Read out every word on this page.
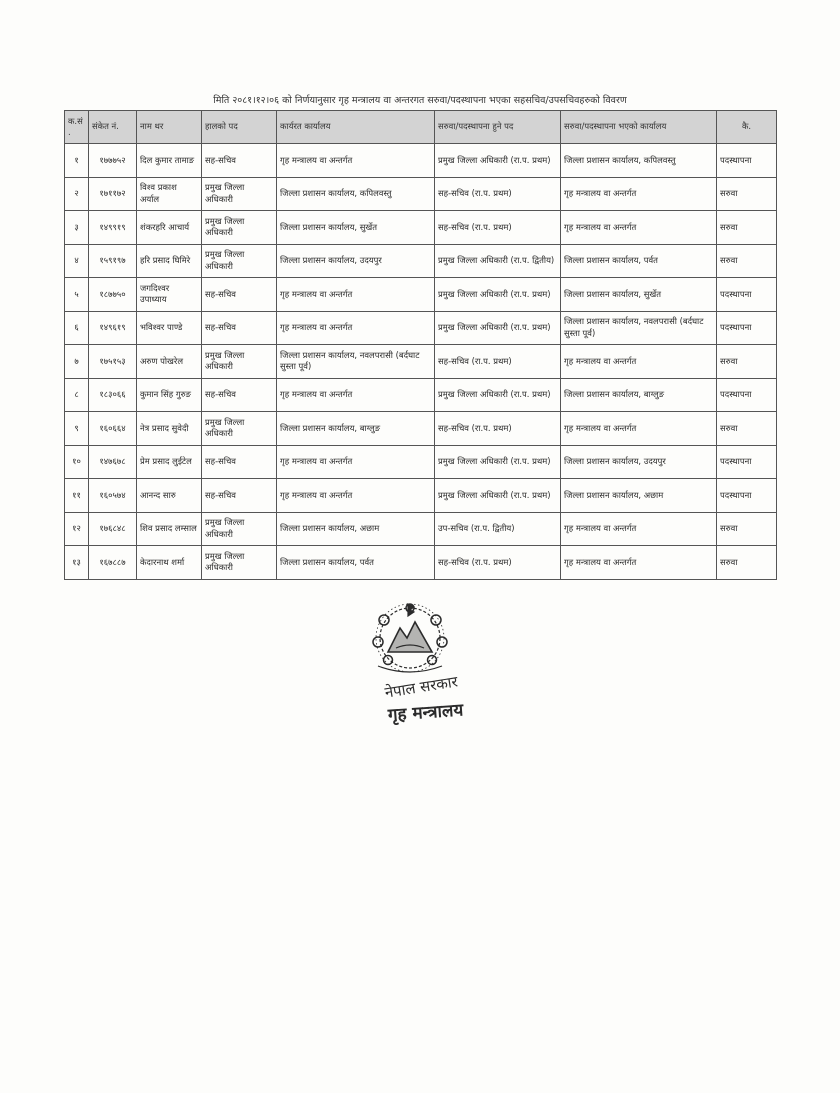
मिति २०८१।१२।०६ को निर्णयानुसार गृह मन्त्रालय वा अन्तरगत सरुवा/पदस्थापना भएका सहसचिव/उपसचिवहरुको विवरण
क.सं.	संकेत नं.	नाम थर	हालको पद	कार्यरत कार्यालय	सरुवा/पदस्थापना हुने पद	सरुवा/पदस्थापना भएको कार्यालय	कै.
१	१७७७५२	दिल कुमार तामाङ	सह-सचिव	गृह मन्त्रालय वा अन्तर्गत	प्रमुख जिल्ला अधिकारी (रा.प. प्रथम)	जिल्ला प्रशासन कार्यालय, कपिलवस्तु	पदस्थापना
२	१७११७२	विश्व प्रकाश अर्याल	प्रमुख जिल्ला अधिकारी	जिल्ला प्रशासन कार्यालय, कपिलवस्तु	सह-सचिव (रा.प. प्रथम)	गृह मन्त्रालय वा अन्तर्गत	सरुवा
३	१४९९१९	शंकरहरि आचार्य	प्रमुख जिल्ला अधिकारी	जिल्ला प्रशासन कार्यालय, सुर्खेत	सह-सचिव (रा.प. प्रथम)	गृह मन्त्रालय वा अन्तर्गत	सरुवा
४	१५९१९७	हरि प्रसाद घिमिरे	प्रमुख जिल्ला अधिकारी	जिल्ला प्रशासन कार्यालय, उदयपुर	प्रमुख जिल्ला अधिकारी (रा.प. द्वितीय)	जिल्ला प्रशासन कार्यालय, पर्वत	सरुवा
५	१८७७५०	जगदिश्वर उपाध्याय	सह-सचिव	गृह मन्त्रालय वा अन्तर्गत	प्रमुख जिल्ला अधिकारी (रा.प. प्रथम)	जिल्ला प्रशासन कार्यालय, सुर्खेत	पदस्थापना
६	१४९६१९	भविश्वर पाण्डे	सह-सचिव	गृह मन्त्रालय वा अन्तर्गत	प्रमुख जिल्ला अधिकारी (रा.प. प्रथम)	जिल्ला प्रशासन कार्यालय, नवलपरासी (बर्दघाट सुस्ता पूर्व)	पदस्थापना
७	१७५१५३	अरुण पोखरेल	प्रमुख जिल्ला अधिकारी	जिल्ला प्रशासन कार्यालय, नवलपरासी (बर्दघाट सुस्ता पूर्व)	सह-सचिव (रा.प. प्रथम)	गृह मन्त्रालय वा अन्तर्गत	सरुवा
८	१८३०६६	कुमान सिंह गुरुङ	सह-सचिव	गृह मन्त्रालय वा अन्तर्गत	प्रमुख जिल्ला अधिकारी (रा.प. प्रथम)	जिल्ला प्रशासन कार्यालय, बाग्लुङ	पदस्थापना
९	१६०६६४	नेत्र प्रसाद सुवेदी	प्रमुख जिल्ला अधिकारी	जिल्ला प्रशासन कार्यालय, बाग्लुङ	सह-सचिव (रा.प. प्रथम)	गृह मन्त्रालय वा अन्तर्गत	सरुवा
१०	१४७६७८	प्रेम प्रसाद लुईटेल	सह-सचिव	गृह मन्त्रालय वा अन्तर्गत	प्रमुख जिल्ला अधिकारी (रा.प. प्रथम)	जिल्ला प्रशासन कार्यालय, उदयपुर	पदस्थापना
११	१६०५७४	आनन्द सारु	सह-सचिव	गृह मन्त्रालय वा अन्तर्गत	प्रमुख जिल्ला अधिकारी (रा.प. प्रथम)	जिल्ला प्रशासन कार्यालय, अछाम	पदस्थापना
१२	१७६८४८	शिव प्रसाद लम्साल	प्रमुख जिल्ला अधिकारी	जिल्ला प्रशासन कार्यालय, अछाम	उप-सचिव (रा.प. द्वितीय)	गृह मन्त्रालय वा अन्तर्गत	सरुवा
१३	१६७८८७	केदारनाथ शर्मा	प्रमुख जिल्ला अधिकारी	जिल्ला प्रशासन कार्यालय, पर्वत	सह-सचिव (रा.प. प्रथम)	गृह मन्त्रालय वा अन्तर्गत	सरुवा
नेपाल सरकार
गृह मन्त्रालय
